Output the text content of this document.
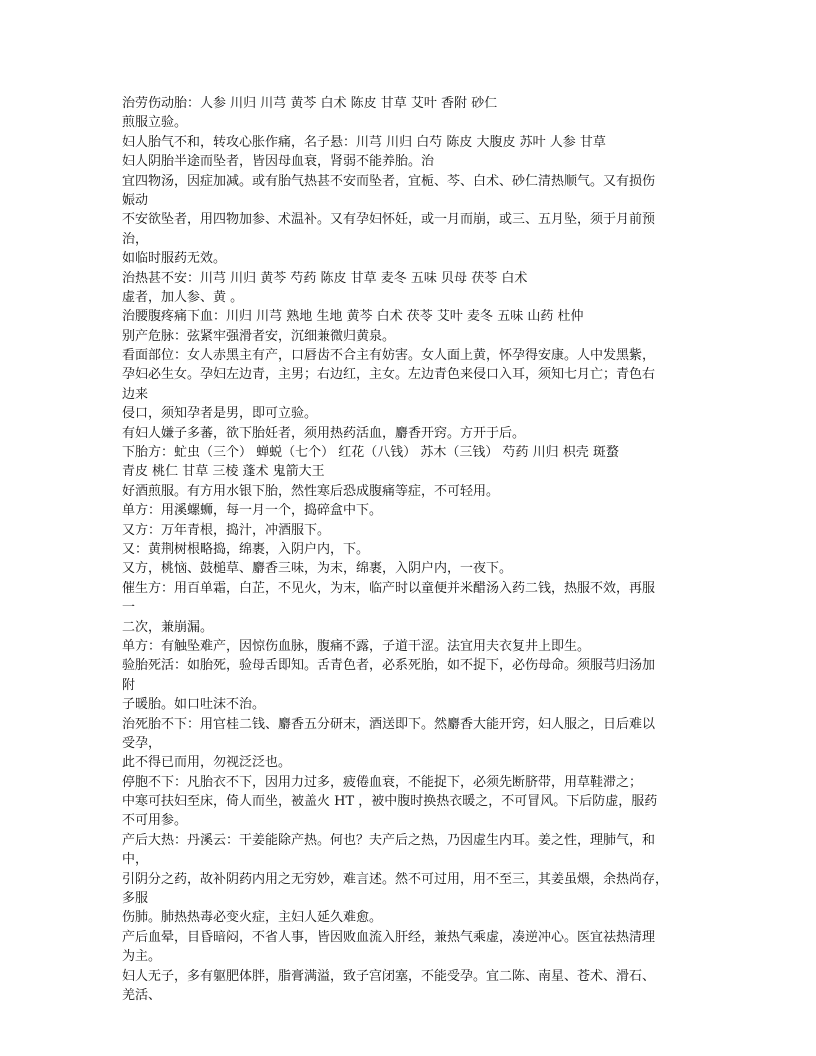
治劳伤动胎：人参 川归 川芎 黄芩 白术 陈皮 甘草 艾叶 香附 砂仁
煎服立验。
妇人胎气不和，转攻心胀作痛，名子悬：川芎 川归 白芍 陈皮 大腹皮 苏叶 人参 甘草
妇人阴胎半途而坠者，皆因母血衰，肾弱不能养胎。治
宜四物汤，因症加减。或有胎气热甚不安而坠者，宜栀、芩、白术、砂仁清热顺气。又有损伤
娠动
不安欲坠者，用四物加参、术温补。又有孕妇怀妊，或一月而崩，或三、五月坠，须于月前预
治，
如临时服药无效。
治热甚不安：川芎 川归 黄芩 芍药 陈皮 甘草 麦冬 五味 贝母 茯苓 白术
虚者，加人参、黄 。
治腰腹疼痛下血：川归 川芎 熟地 生地 黄芩 白术 茯苓 艾叶 麦冬 五味 山药 杜仲
别产危脉：弦紧牢强滑者安，沉细兼微归黄泉。
看面部位：女人赤黑主有产，口唇齿不合主有妨害。女人面上黄，怀孕得安康。人中发黑紫，
孕妇必生女。孕妇左边青，主男；右边红，主女。左边青色来侵口入耳，须知七月亡；青色右
边来
侵口，须知孕者是男，即可立验。
有妇人嫌子多蕃，欲下胎妊者，须用热药活血，麝香开窍。方开于后。
下胎方：虻虫（三个） 蝉蜕（七个） 红花（八钱） 苏木（三钱） 芍药 川归 枳壳 斑蝥
青皮 桃仁 甘草 三棱 蓬术 鬼箭大王
好酒煎服。有方用水银下胎，然性寒后恐成腹痛等症，不可轻用。
单方：用溪螺蛳，每一月一个，捣碎盒中下。
又方：万年青根，捣汁，冲酒服下。
又：黄荆树根略捣，绵裹，入阴户内，下。
又方，桃恼、鼓槌草、麝香三味，为末，绵裹，入阴户内，一夜下。
催生方：用百单霜，白芷，不见火，为末，临产时以童便并米醋汤入药二钱，热服不效，再服
一
二次，兼崩漏。
单方：有触坠难产，因惊伤血脉，腹痛不露，子道干涩。法宜用夫衣复井上即生。
验胎死活：如胎死，验母舌即知。舌青色者，必系死胎，如不捉下，必伤母命。须服芎归汤加
附
子暖胎。如口吐沫不治。
治死胎不下：用官桂二钱、麝香五分研末，酒送即下。然麝香大能开窍，妇人服之，日后难以
受孕，
此不得已而用，勿视泛泛也。
停胞不下：凡胎衣不下，因用力过多，疲倦血衰，不能捉下，必须先断脐带，用草鞋滞之；
中寒可扶妇至床，倚人而坐，被盖火 HT ，被中腹时换热衣暖之，不可冒风。下后防虚，服药
不可用参。
产后大热：丹溪云：干姜能除产热。何也？夫产后之热，乃因虚生内耳。姜之性，理肺气，和
中，
引阴分之药，故补阴药内用之无穷妙，难言述。然不可过用，用不至三，其姜虽煨，余热尚存，
多服
伤肺。肺热热毒必变火症，主妇人延久难愈。
产后血晕，目昏暗闷，不省人事，皆因败血流入肝经，兼热气乘虚，凑逆冲心。医宜祛热清理
为主。
妇人无子，多有躯肥体胖，脂膏满溢，致子宫闭塞，不能受孕。宜二陈、南星、苍术、滑石、
羌活、
